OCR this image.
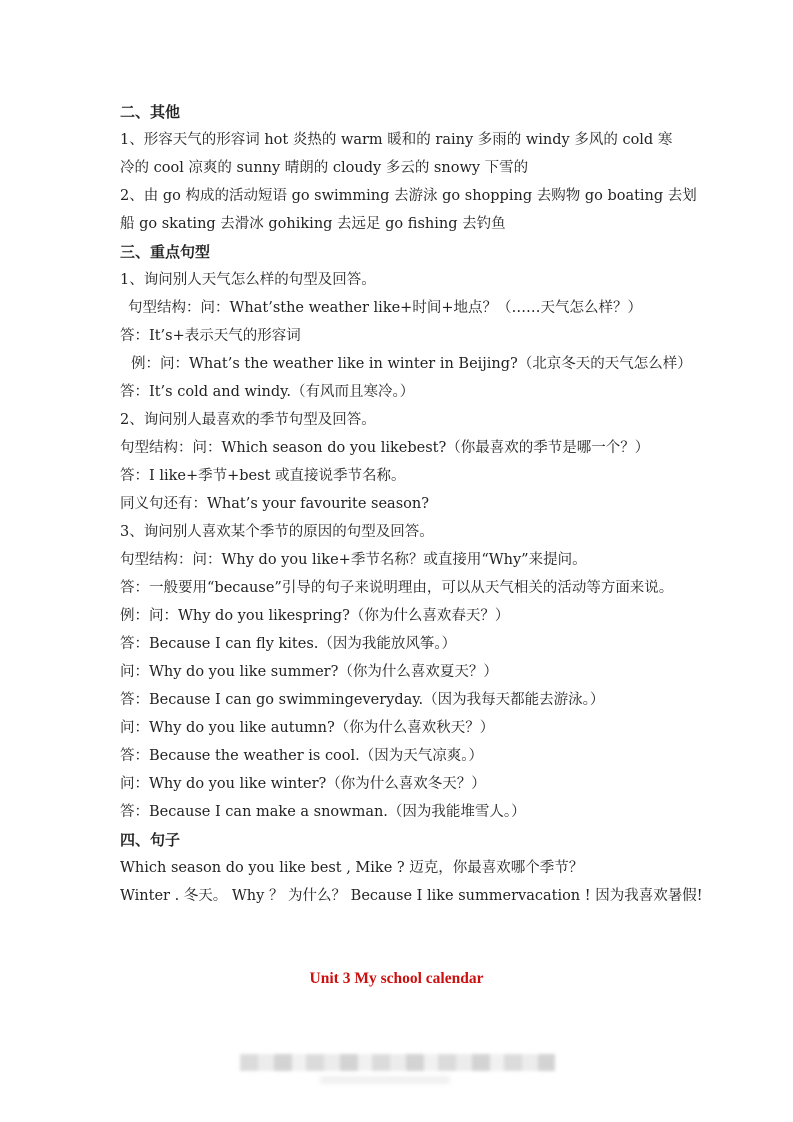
二、其他
1、形容天气的形容词 hot 炎热的 warm 暖和的 rainy 多雨的 windy 多风的 cold 寒
冷的 cool 凉爽的 sunny 晴朗的 cloudy 多云的 snowy 下雪的
2、由 go 构成的活动短语 go swimming 去游泳 go shopping 去购物 go boating 去划
船 go skating 去滑冰 gohiking 去远足 go fishing 去钓鱼
三、重点句型
1、询问别人天气怎么样的句型及回答。
句型结构：问：What’sthe weather like+时间+地点？（……天气怎么样？）
答：It’s+表示天气的形容词
例：问：What’s the weather like in winter in Beijing?（北京冬天的天气怎么样）
答：It’s cold and windy.（有风而且寒冷。）
2、询问别人最喜欢的季节句型及回答。
句型结构：问：Which season do you likebest?（你最喜欢的季节是哪一个？）
答：I like+季节+best 或直接说季节名称。
同义句还有：What’s your favourite season?
3、询问别人喜欢某个季节的原因的句型及回答。
句型结构：问：Why do you like+季节名称？或直接用“Why”来提问。
答：一般要用“because”引导的句子来说明理由，可以从天气相关的活动等方面来说。
例：问：Why do you likespring?（你为什么喜欢春天？）
答：Because I can fly kites.（因为我能放风筝。）
问：Why do you like summer?（你为什么喜欢夏天？）
答：Because I can go swimmingeveryday.（因为我每天都能去游泳。）
问：Why do you like autumn?（你为什么喜欢秋天？）
答：Because the weather is cool.（因为天气凉爽。）
问：Why do you like winter?（你为什么喜欢冬天？）
答：Because I can make a snowman.（因为我能堆雪人。）
四、句子
Which season do you like best , Mike ? 迈克，你最喜欢哪个季节？
Winter . 冬天。 Why ？ 为什么？ Because I like summervacation ! 因为我喜欢暑假!
Unit 3 My school calendar
